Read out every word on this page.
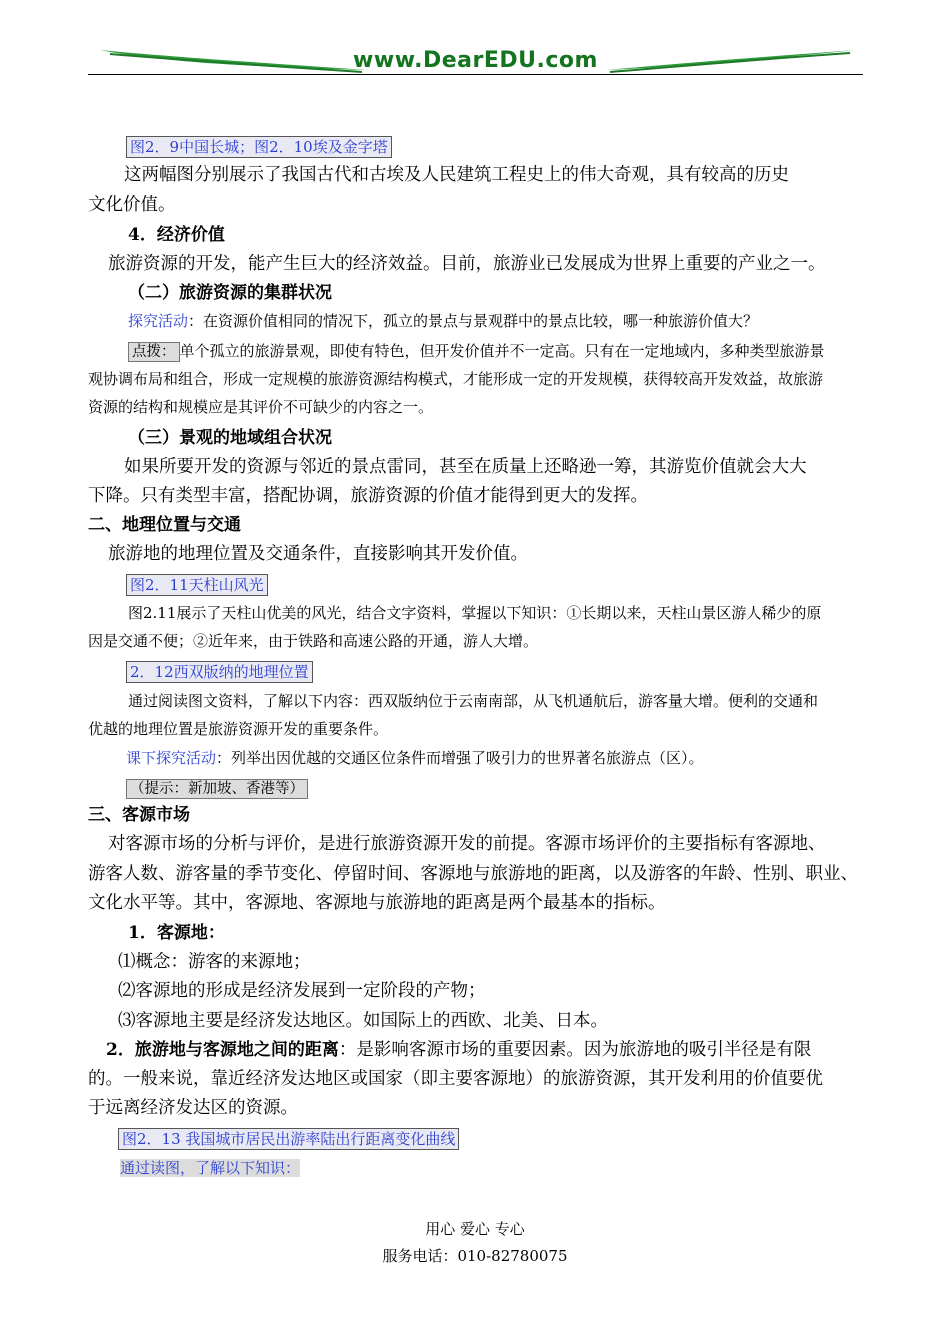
www.DearEDU.com
图2．9中国长城；图2．10埃及金字塔
这两幅图分别展示了我国古代和古埃及人民建筑工程史上的伟大奇观，具有较高的历史
文化价值。
4．经济价值
旅游资源的开发，能产生巨大的经济效益。目前，旅游业已发展成为世界上重要的产业之一。
（二）旅游资源的集群状况
探究活动：在资源价值相同的情况下，孤立的景点与景观群中的景点比较，哪一种旅游价值大？
点拨： 单个孤立的旅游景观，即使有特色，但开发价值并不一定高。只有在一定地域内，多种类型旅游景
观协调布局和组合，形成一定规模的旅游资源结构模式，才能形成一定的开发规模，获得较高开发效益，故旅游
资源的结构和规模应是其评价不可缺少的内容之一。
（三）景观的地域组合状况
如果所要开发的资源与邻近的景点雷同，甚至在质量上还略逊一筹，其游览价值就会大大
下降。只有类型丰富，搭配协调，旅游资源的价值才能得到更大的发挥。
二、地理位置与交通
旅游地的地理位置及交通条件，直接影响其开发价值。
图2．11天柱山风光
图2.11展示了天柱山优美的风光，结合文字资料，掌握以下知识：①长期以来，天柱山景区游人稀少的原
因是交通不便；②近年来，由于铁路和高速公路的开通，游人大增。
2．12西双版纳的地理位置
通过阅读图文资料，了解以下内容：西双版纳位于云南南部，从飞机通航后，游客量大增。便利的交通和
优越的地理位置是旅游资源开发的重要条件。
课下探究活动：列举出因优越的交通区位条件而增强了吸引力的世界著名旅游点（区）。
（提示：新加坡、香港等）
三、客源市场
对客源市场的分析与评价，是进行旅游资源开发的前提。客源市场评价的主要指标有客源地、
游客人数、游客量的季节变化、停留时间、客源地与旅游地的距离，以及游客的年龄、性别、职业、
文化水平等。其中，客源地、客源地与旅游地的距离是两个最基本的指标。
1．客源地：
⑴概念：游客的来源地；
⑵客源地的形成是经济发展到一定阶段的产物；
⑶客源地主要是经济发达地区。如国际上的西欧、北美、日本。
2．旅游地与客源地之间的距离：是影响客源市场的重要因素。因为旅游地的吸引半径是有限
的。一般来说，靠近经济发达地区或国家（即主要客源地）的旅游资源，其开发利用的价值要优
于远离经济发达区的资源。
图2．13 我国城市居民出游率陆出行距离变化曲线
通过读图，了解以下知识：
用心 爱心 专心
服务电话：010-82780075
